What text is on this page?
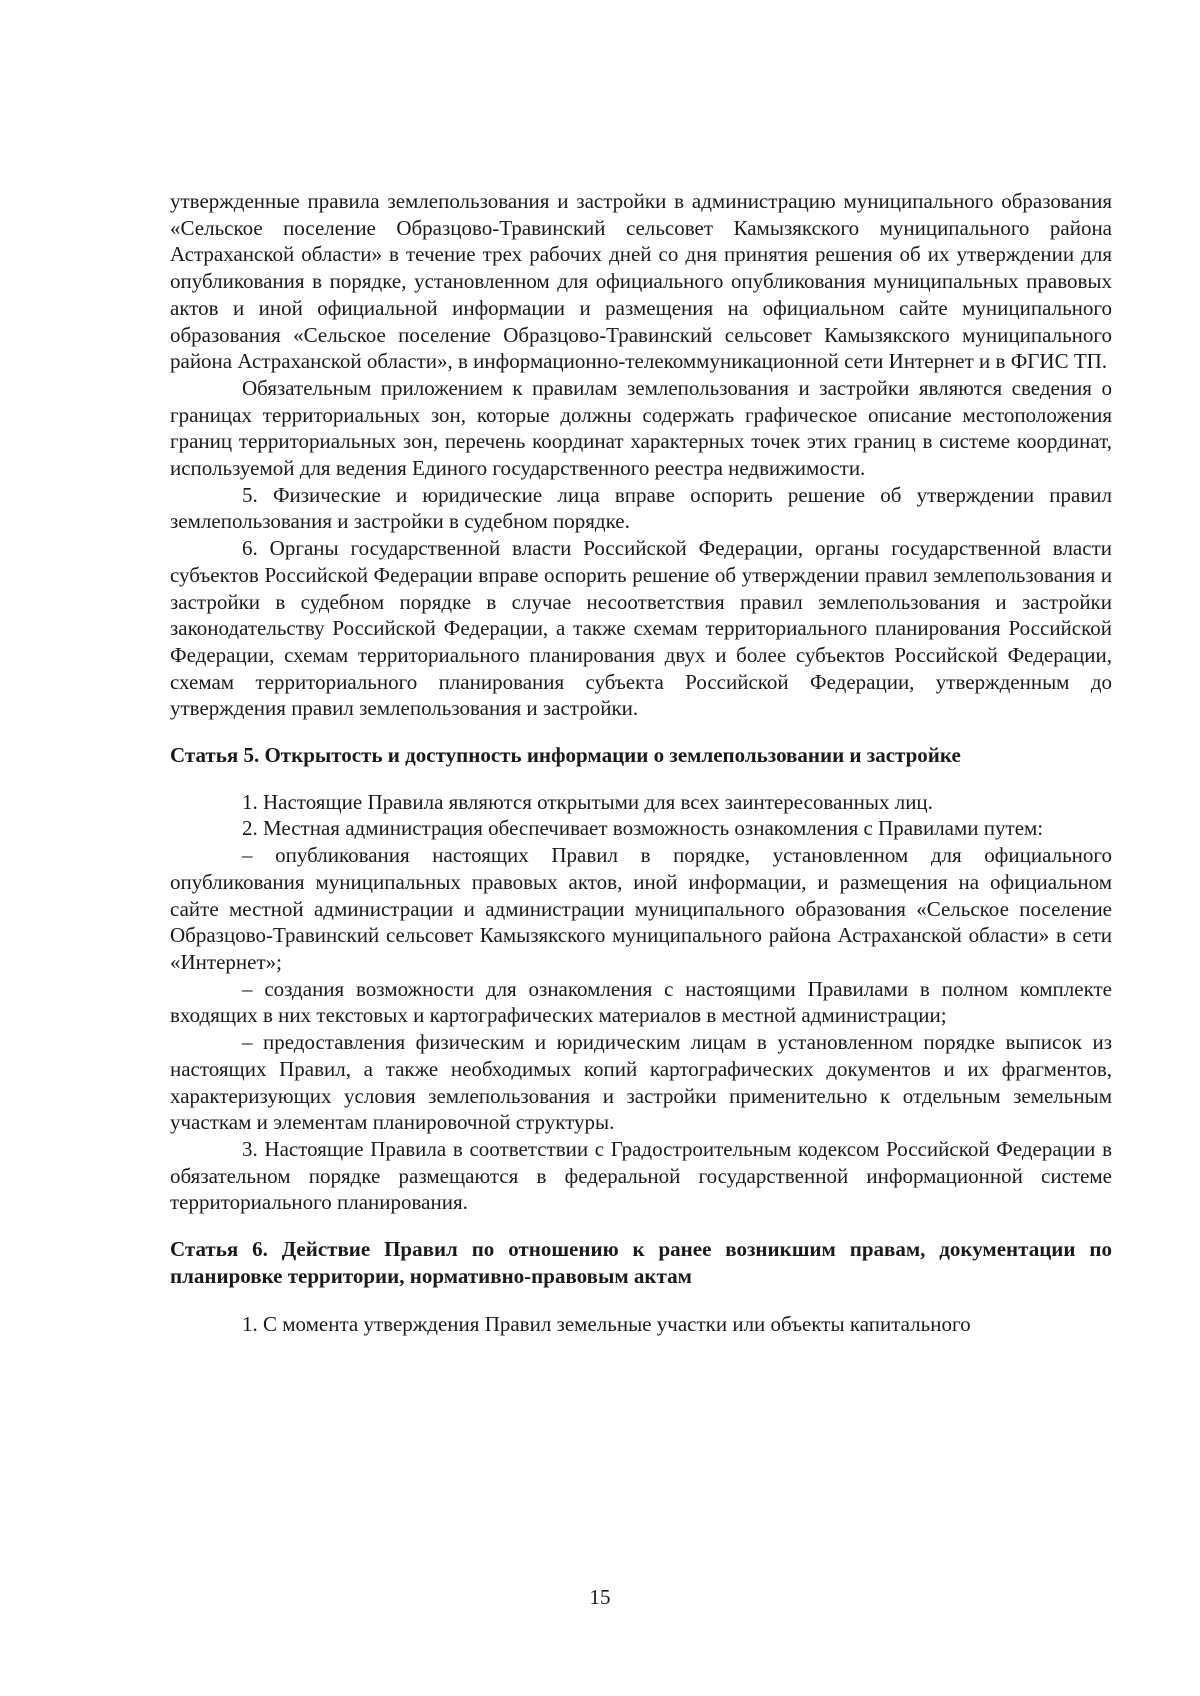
утвержденные правила землепользования и застройки в администрацию муниципального образования «Сельское поселение Образцово-Травинский сельсовет Камызякского муниципального района Астраханской области» в течение трех рабочих дней со дня принятия решения об их утверждении для опубликования в порядке, установленном для официального опубликования муниципальных правовых актов и иной официальной информации и размещения на официальном сайте муниципального образования «Сельское поселение Образцово-Травинский сельсовет Камызякского муниципального района Астраханской области», в информационно-телекоммуникационной сети Интернет и в ФГИС ТП.

Обязательным приложением к правилам землепользования и застройки являются сведения о границах территориальных зон, которые должны содержать графическое описание местоположения границ территориальных зон, перечень координат характерных точек этих границ в системе координат, используемой для ведения Единого государственного реестра недвижимости.

5. Физические и юридические лица вправе оспорить решение об утверждении правил землепользования и застройки в судебном порядке.

6. Органы государственной власти Российской Федерации, органы государственной власти субъектов Российской Федерации вправе оспорить решение об утверждении правил землепользования и застройки в судебном порядке в случае несоответствия правил землепользования и застройки законодательству Российской Федерации, а также схемам территориального планирования Российской Федерации, схемам территориального планирования двух и более субъектов Российской Федерации, схемам территориального планирования субъекта Российской Федерации, утвержденным до утверждения правил землепользования и застройки.

Статья 5. Открытость и доступность информации о землепользовании и застройке

1. Настоящие Правила являются открытыми для всех заинтересованных лиц.

2. Местная администрация обеспечивает возможность ознакомления с Правилами путем:

– опубликования настоящих Правил в порядке, установленном для официального опубликования муниципальных правовых актов, иной информации, и размещения на официальном сайте местной администрации и администрации муниципального образования «Сельское поселение Образцово-Травинский сельсовет Камызякского муниципального района Астраханской области» в сети «Интернет»;

– создания возможности для ознакомления с настоящими Правилами в полном комплекте входящих в них текстовых и картографических материалов в местной администрации;

– предоставления физическим и юридическим лицам в установленном порядке выписок из настоящих Правил, а также необходимых копий картографических документов и их фрагментов, характеризующих условия землепользования и застройки применительно к отдельным земельным участкам и элементам планировочной структуры.

3. Настоящие Правила в соответствии с Градостроительным кодексом Российской Федерации в обязательном порядке размещаются в федеральной государственной информационной системе территориального планирования.

Статья 6. Действие Правил по отношению к ранее возникшим правам, документации по планировке территории, нормативно-правовым актам

1. С момента утверждения Правил земельные участки или объекты капитального

15
